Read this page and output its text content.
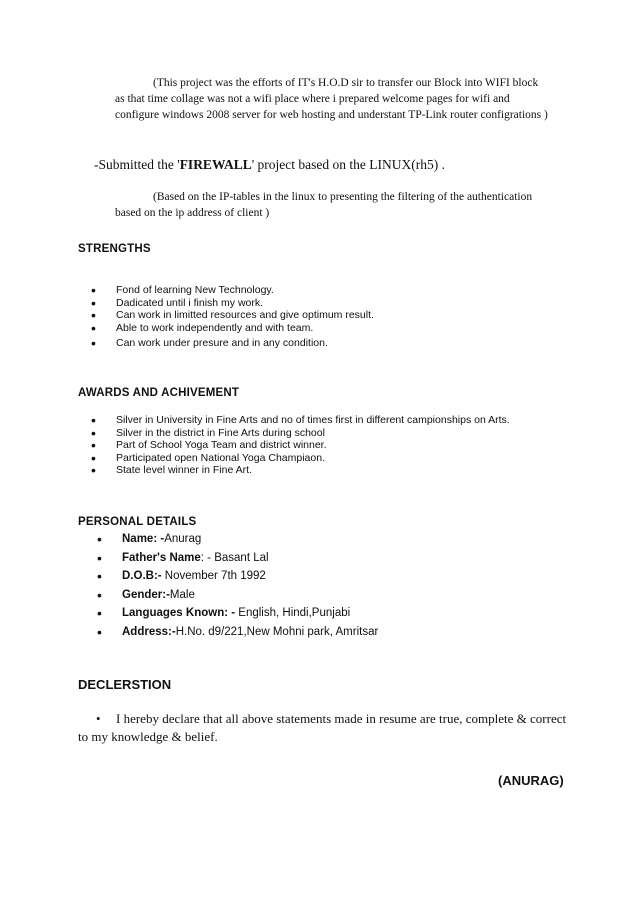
(This project was the efforts of IT's H.O.D sir to transfer our Block into WIFI block
as that time collage was not a wifi place where i prepared welcome pages for wifi and
configure windows 2008 server for web hosting and understant TP-Link router configrations )
-Submitted the 'FIREWALL' project based on the LINUX(rh5) .
(Based on the IP-tables in the linux to presenting the filtering of the authentication
based on the ip address of client )
STRENGTHS
• Fond of learning New Technology.
• Dadicated until i finish my work.
• Can work in limitted resources and give optimum result.
• Able to work independently and with team.
• Can work under presure and in any condition.
AWARDS AND ACHIVEMENT
• Silver in University in Fine Arts and no of times first in different campionships on Arts.
• Silver in the district in Fine Arts during school
• Part of School Yoga Team and district winner.
• Participated open National Yoga Champiaon.
• State level winner in Fine Art.
PERSONAL DETAILS
• Name: -Anurag
• Father's Name: - Basant Lal
• D.O.B:- November 7th 1992
• Gender:-Male
• Languages Known: - English, Hindi,Punjabi
• Address:-H.No. d9/221,New Mohni park, Amritsar
DECLERSTION
• I hereby declare that all above statements made in resume are true, complete & correct
to my knowledge & belief.
(ANURAG)
